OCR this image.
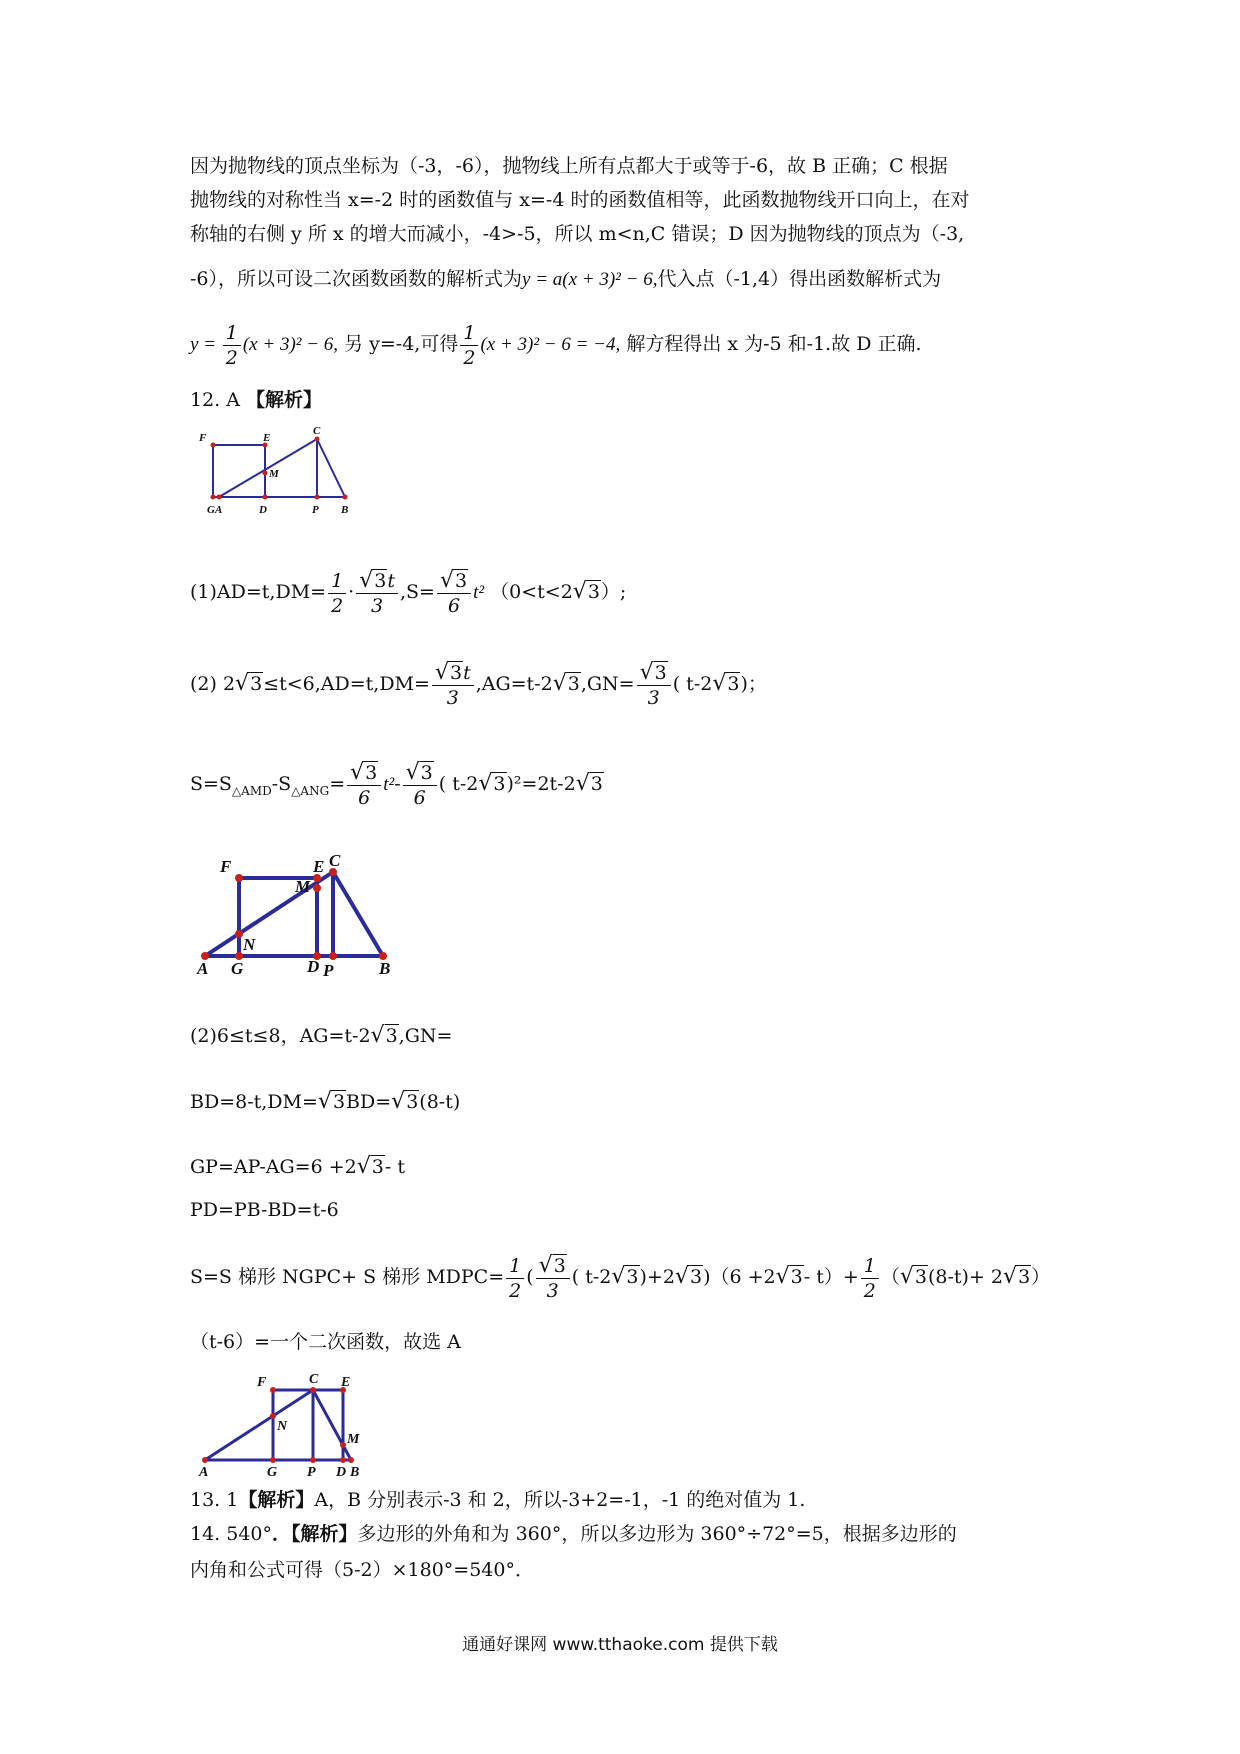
因为抛物线的顶点坐标为（-3，-6），抛物线上所有点都大于或等于-6，故 B 正确；C 根据
抛物线的对称性当 x=-2 时的函数值与 x=-4 时的函数值相等，此函数抛物线开口向上，在对
称轴的右侧 y 所 x 的增大而减小，-4>-5，所以 m<n,C 错误；D 因为抛物线的顶点为（-3,
-6），所以可设二次函数函数的解析式为y = a(x + 3)² − 6,代入点（-1,4）得出函数解析式为
$y = \frac{1}{2} (x + 3)^2 - 6$, 另 y=-4,可得 $\frac{1}{2} (x + 3)^2 - 6 = -4$, 解方程得出 x 为-5 和-1.故 D 正确.
12. A 【解析】
F	E
C
M
GA	D	P B
$(1)AD=t,DM= \frac{1}{2} \cdot \frac{√3t}{3} ,S= \frac{√3}{6} t^2$ （0<t<2√3）;
(2) $2√3\le t<6,AD=t,DM= \frac{√3t}{3} ,AG=t-2√3,GN= \frac{√3}{3}$ ( t-2√3)；
$S=S_{\triangle AMD}-S_{\triangle ANG}= \frac{√3}{6} t^2- \frac{√3}{6}$ ( t-2√3)²=2t-2√3
F	E C
M
N
A G	D P	B
(2)6≤t≤8，AG=t-2√3,GN=
BD=8-t,DM=√3BD=√3(8-t)
GP=AP-AG=6 +2√3- t
PD=PB-BD=t-6
S=S 梯形 NGPC+ S 梯形 MDPC= $\frac{1}{2}$ ( $\frac{√3}{3}$ ( t-2√3)+2√3)（6 +2√3- $t)+ \frac{1}{2} (√3(8-t)+ 2√3)$
（t-6）=一个二次函数，故选 A
F	C E
N
M
A	G P D B
13. 1【解析】A，B 分别表示-3 和 2，所以-3+2=-1，-1 的绝对值为 1.
14. 540°．【解析】多边形的外角和为 360°，所以多边形为 360°÷72°=5，根据多边形的
内角和公式可得（5-2）×180°=540°．
通通好课网 www.tthaoke.com 提供下载
